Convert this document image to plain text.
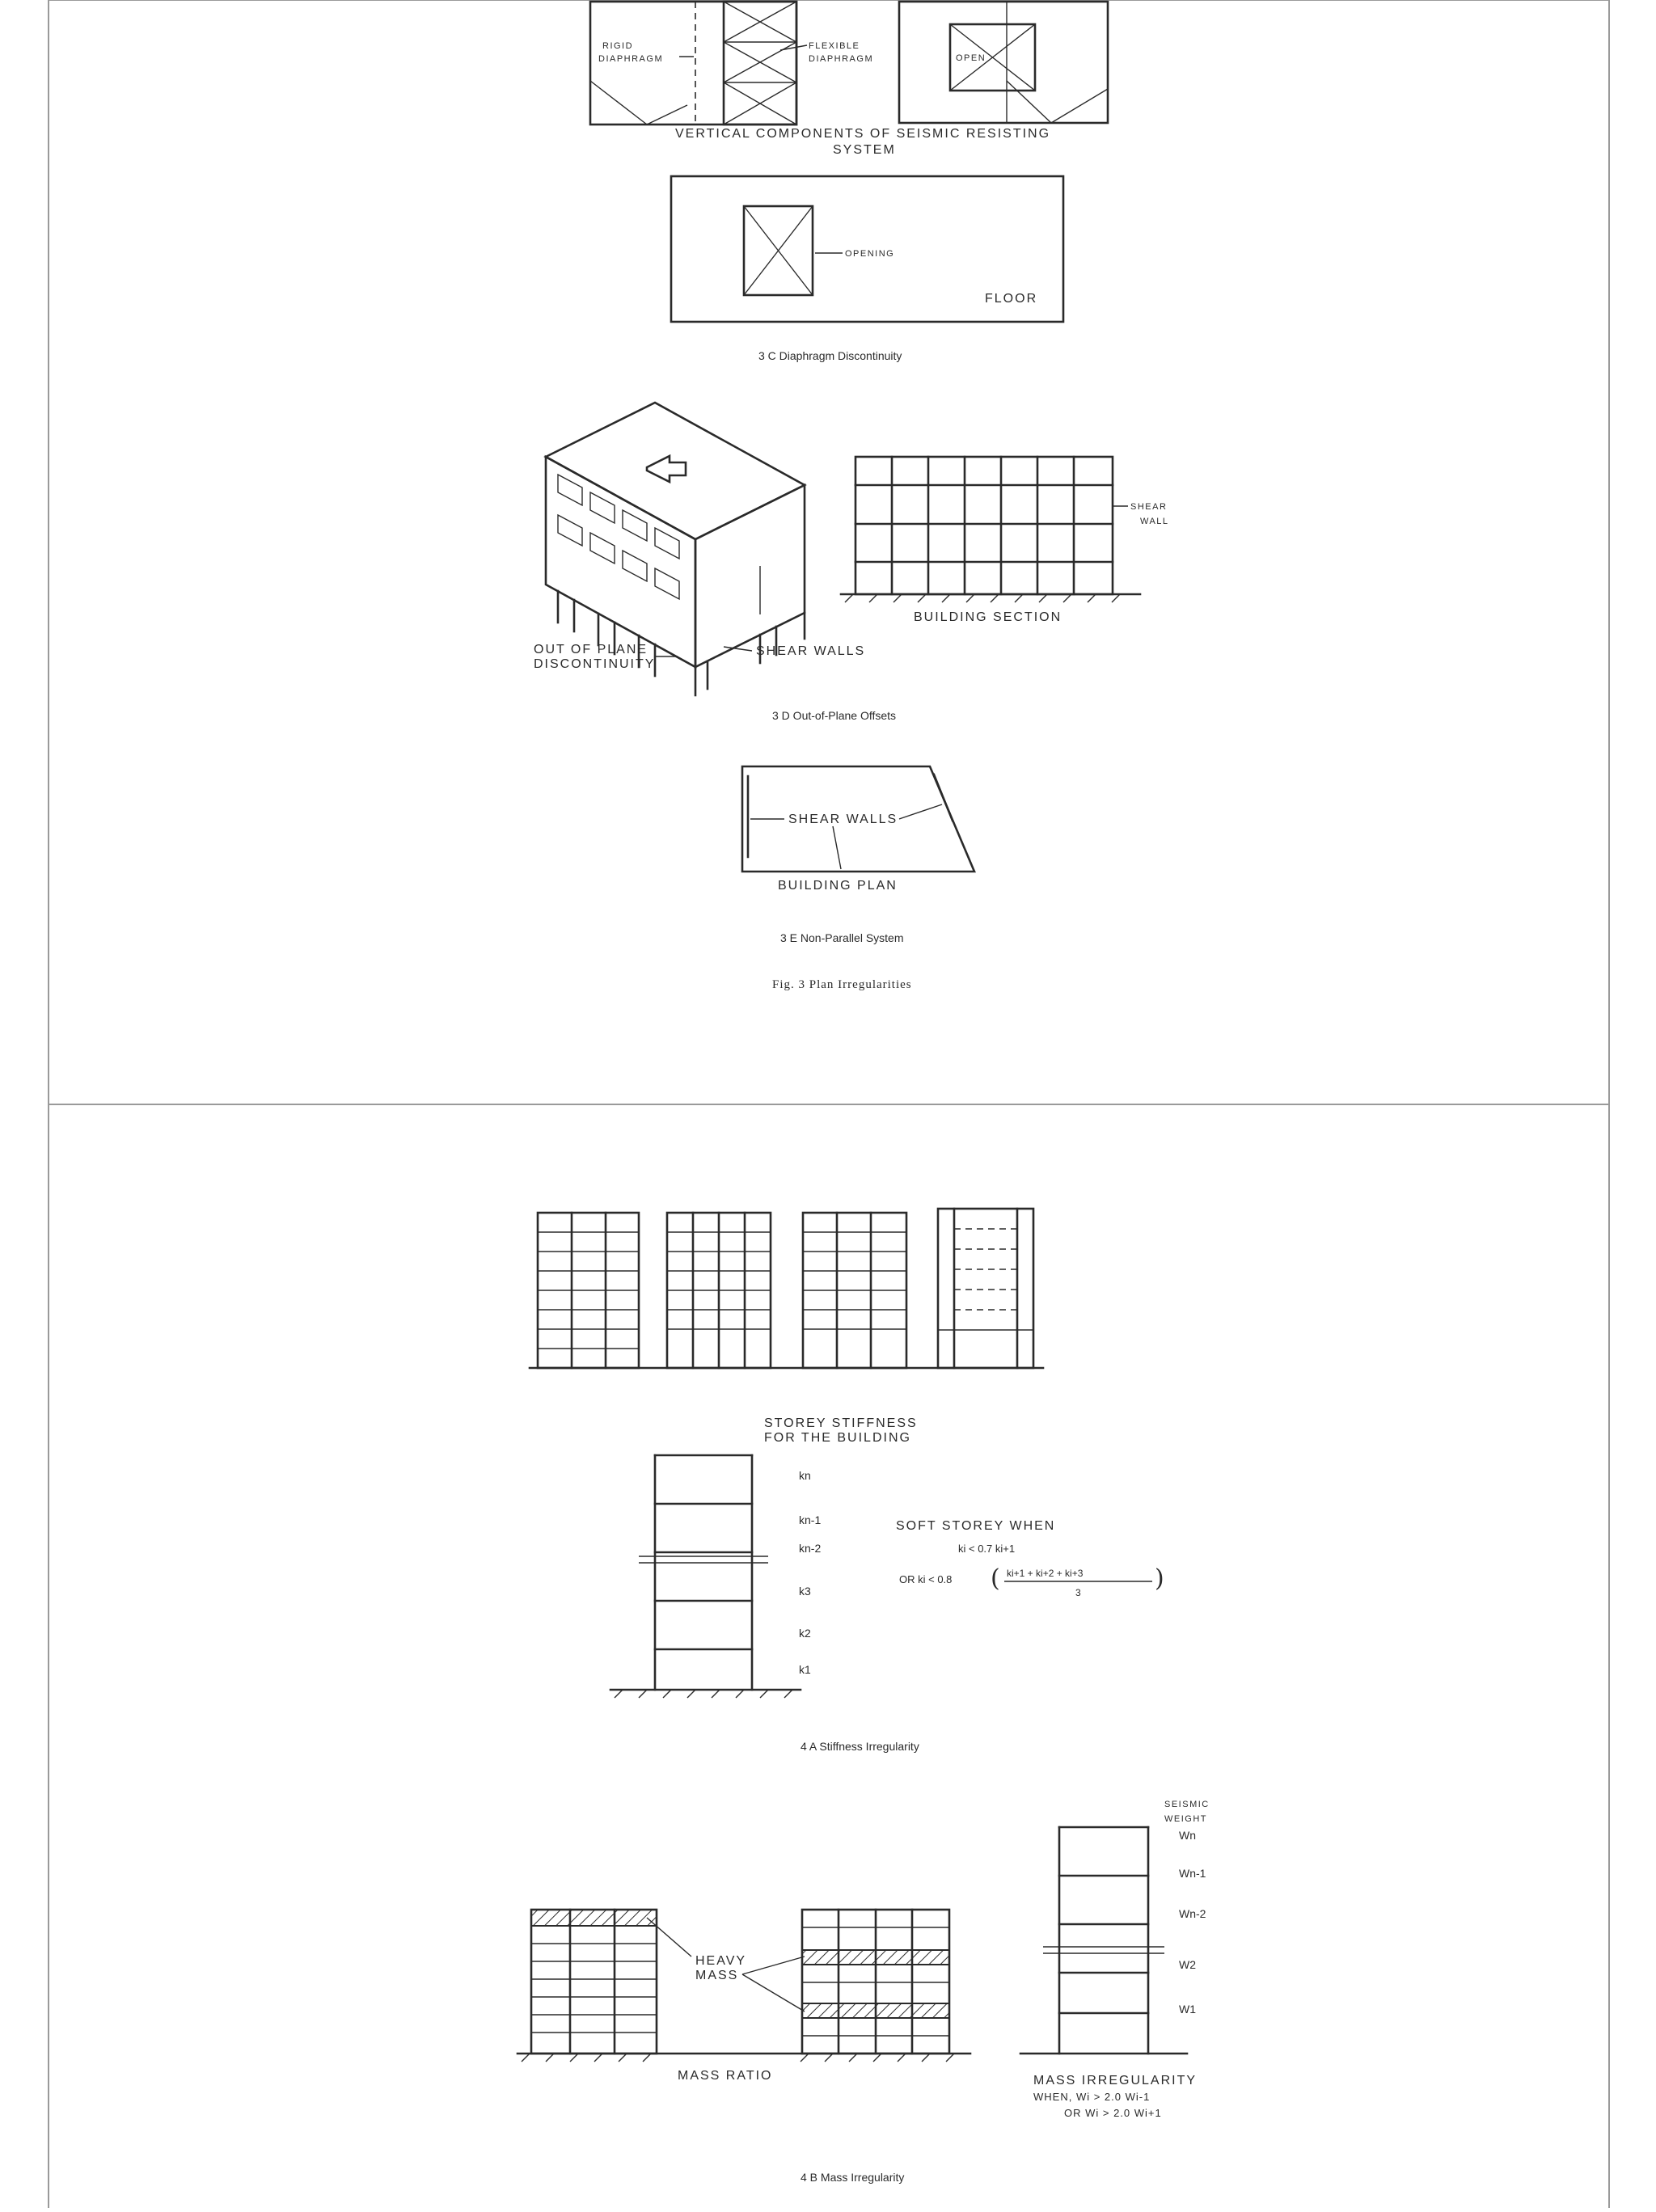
RIGID
DIAPHRAGM
FLEXIBLE
DIAPHRAGM	OPEN
VERTICAL COMPONENTS OF SEISMIC RESISTING
SYSTEM
OPENING
FLOOR
3 C Diaphragm Discontinuity
OUT OF PLANE
DISCONTINUITY
SHEAR WALLS
SHEAR
WALL
BUILDING SECTION
3 D Out-of-Plane Offsets
SHEAR WALLS
BUILDING PLAN
3 E Non-Parallel System
Fig. 3 Plan Irregularities
STOREY STIFFNESS
FOR THE BUILDING
kn
kn-1
kn-2
k3
k2
k1
SOFT STOREY WHEN
ki < 0.7 ki+1
OR ki < 0.8 ( ki+1 + ki+2 + ki+3
3	)
4 A Stiffness Irregularity
HEAVY
MASS
MASS RATIO
SEISMIC
WEIGHT
Wn
Wn-1
Wn-2
W2
W1
MASS IRREGULARITY
WHEN, Wi > 2.0 Wi-1
OR Wi > 2.0 Wi+1
4 B Mass Irregularity
